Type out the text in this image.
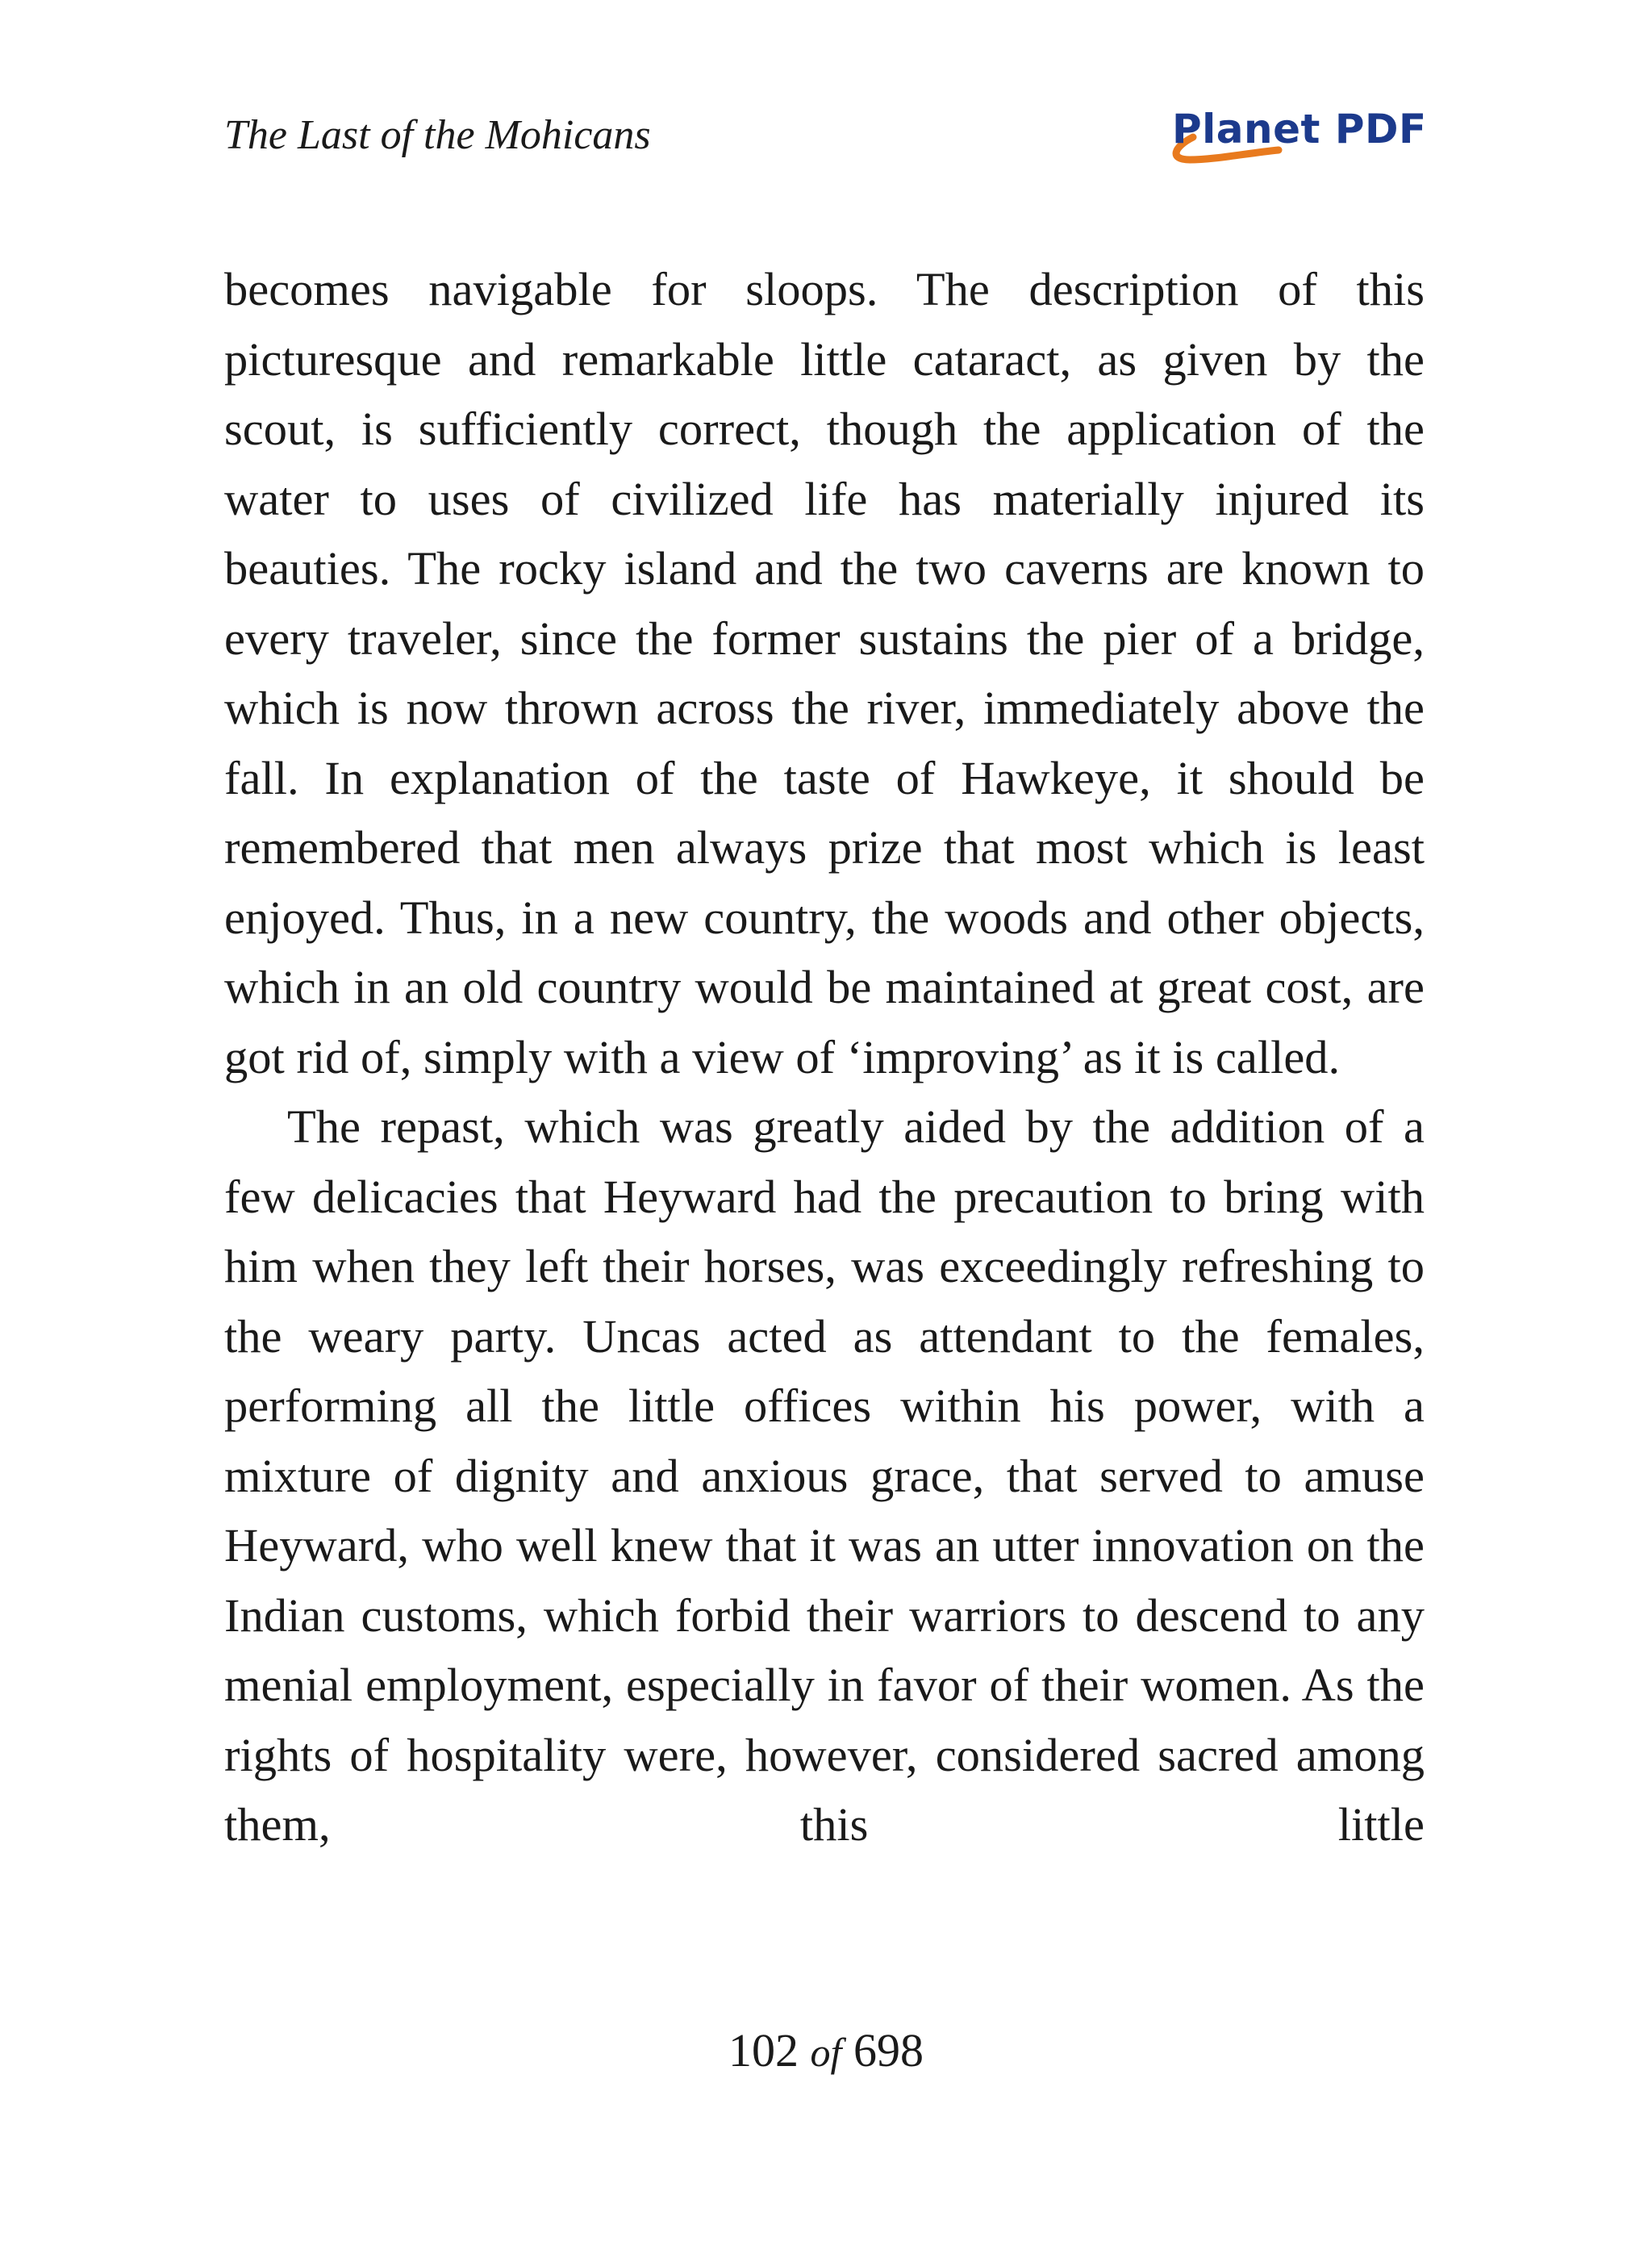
The Last of the Mohicans	Planet PDF

becomes navigable for sloops. The description of this picturesque and remarkable little cataract, as given by the scout, is sufficiently correct, though the application of the water to uses of civilized life has materially injured its beauties. The rocky island and the two caverns are known to every traveler, since the former sustains the pier of a bridge, which is now thrown across the river, immediately above the fall. In explanation of the taste of Hawkeye, it should be remembered that men always prize that most which is least enjoyed. Thus, in a new country, the woods and other objects, which in an old country would be maintained at great cost, are got rid of, simply with a view of ‘improving’ as it is called.

The repast, which was greatly aided by the addition of a few delicacies that Heyward had the precaution to bring with him when they left their horses, was exceedingly refreshing to the weary party. Uncas acted as attendant to the females, performing all the little offices within his power, with a mixture of dignity and anxious grace, that served to amuse Heyward, who well knew that it was an utter innovation on the Indian customs, which forbid their warriors to descend to any menial employment, especially in favor of their women. As the rights of hospitality were, however, considered sacred among them, this little

102 of 698
